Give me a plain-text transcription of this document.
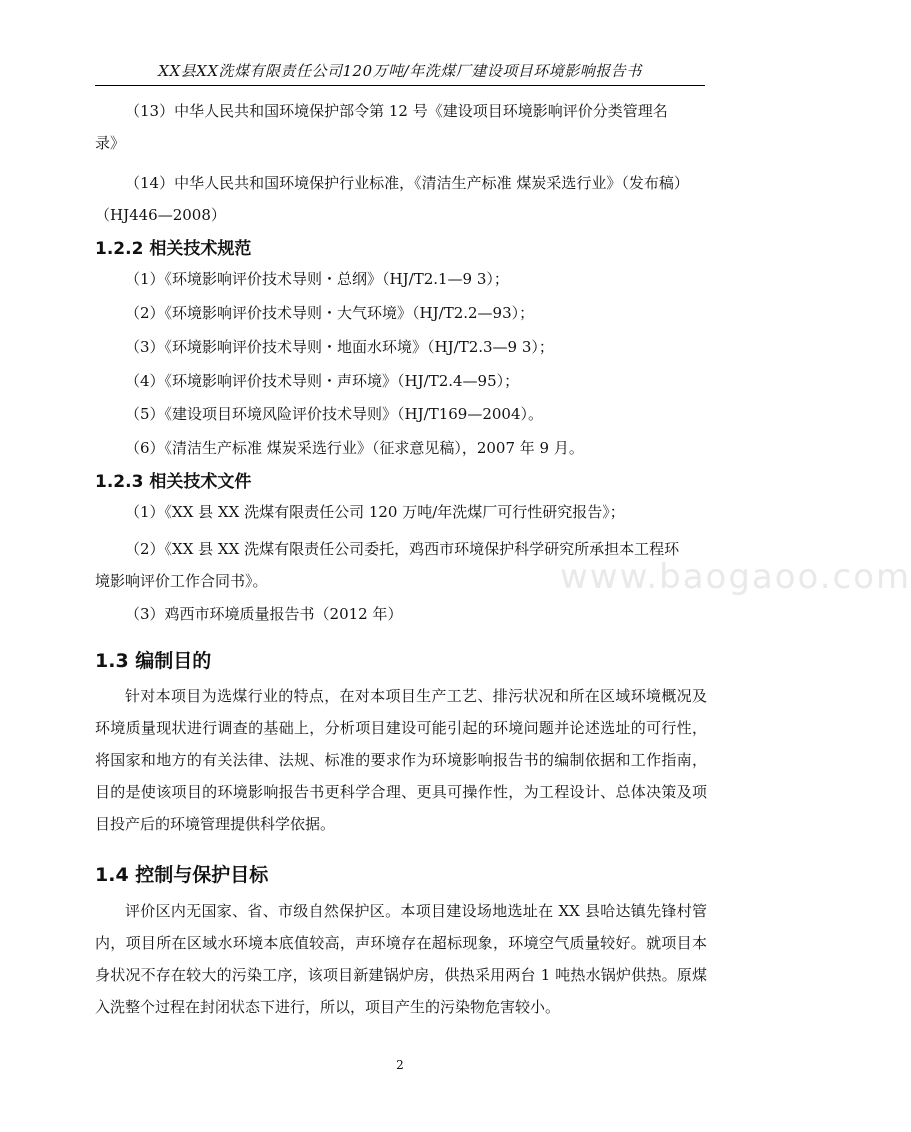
XX县XX洗煤有限责任公司120万吨/年洗煤厂建设项目环境影响报告书
www.baogaoo.com
（13）中华人民共和国环境保护部令第 12 号《建设项目环境影响评价分类管理名
录》
（14）中华人民共和国环境保护行业标准，《清洁生产标准 煤炭采选行业》（发布稿）
（HJ446—2008）
1.2.2 相关技术规范
（1）《环境影响评价技术导则・总纲》（HJ/T2.1—9 3）；
（2）《环境影响评价技术导则・大气环境》（HJ/T2.2—93）；
（3）《环境影响评价技术导则・地面水环境》（HJ/T2.3—9 3）；
（4）《环境影响评价技术导则・声环境》（HJ/T2.4—95）；
（5）《建设项目环境风险评价技术导则》（HJ/T169—2004）。
（6）《清洁生产标准 煤炭采选行业》（征求意见稿），2007 年 9 月。
1.2.3 相关技术文件
（1）《XX 县 XX 洗煤有限责任公司 120 万吨/年洗煤厂可行性研究报告》；
（2）《XX 县 XX 洗煤有限责任公司委托，鸡西市环境保护科学研究所承担本工程环
境影响评价工作合同书》。
（3）鸡西市环境质量报告书（2012 年）
1.3 编制目的
针对本项目为选煤行业的特点，在对本项目生产工艺、排污状况和所在区域环境概况及环境质量现状进行调查的基础上，分析项目建设可能引起的环境问题并论述选址的可行性，将国家和地方的有关法律、法规、标准的要求作为环境影响报告书的编制依据和工作指南，目的是使该项目的环境影响报告书更科学合理、更具可操作性，为工程设计、总体决策及项目投产后的环境管理提供科学依据。
1.4 控制与保护目标
评价区内无国家、省、市级自然保护区。本项目建设场地选址在 XX 县哈达镇先锋村管内，项目所在区域水环境本底值较高，声环境存在超标现象，环境空气质量较好。就项目本身状况不存在较大的污染工序，该项目新建锅炉房，供热采用两台 1 吨热水锅炉供热。原煤入洗整个过程在封闭状态下进行，所以，项目产生的污染物危害较小。
2
